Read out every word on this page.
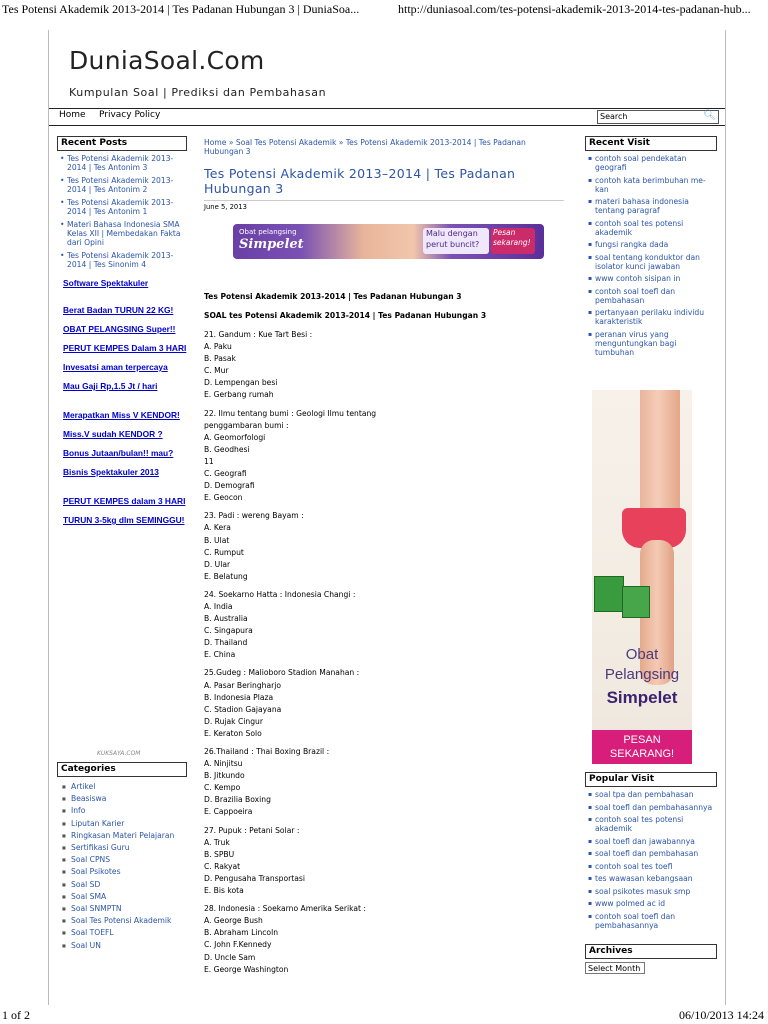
Tes Potensi Akademik 2013-2014 | Tes Padanan Hubungan 3 | DuniaSoa...	http://duniasoal.com/tes-potensi-akademik-2013-2014-tes-padanan-hub...
DuniaSoal.Com
Kumpulan Soal | Prediksi dan Pembahasan
Home Privacy Policy	Search	🔍︎
Recent Posts
• Tes Potensi Akademik 2013-2014 | Tes Antonim 3
• Tes Potensi Akademik 2013-2014 | Tes Antonim 2
• Tes Potensi Akademik 2013-2014 | Tes Antonim 1
• Materi Bahasa Indonesia SMA Kelas XII | Membedakan Fakta dari Opini
• Tes Potensi Akademik 2013-2014 | Tes Sinonim 4
Software Spektakuler
Berat Badan TURUN 22 KG!
OBAT PELANGSING Super!!
PERUT KEMPES Dalam 3 HARI
Invesatsi aman terpercaya
Mau Gaji Rp,1.5 Jt / hari
Merapatkan Miss V KENDOR!
Miss.V sudah KENDOR ?
Bonus Jutaan/bulan!! mau?
Bisnis Spektakuler 2013
PERUT KEMPES dalam 3 HARI
TURUN 3-5kg dlm SEMINGGU!
KUKSAYA.COM
Categories
■ Artikel
■ Beasiswa
■ Info
■ Liputan Karier
■ Ringkasan Materi Pelajaran
■ Sertifikasi Guru
■ Soal CPNS
■ Soal Psikotes
■ Soal SD
■ Soal SMA
■ Soal SNMPTN
■ Soal Tes Potensi Akademik
■ Soal TOEFL
■ Soal UN
Home » Soal Tes Potensi Akademik » Tes Potensi Akademik 2013-2014 | Tes Padanan Hubungan 3
Tes Potensi Akademik 2013–2014 | Tes Padanan Hubungan 3
June 5, 2013
Obat pelangsing
Simpelet
Malu dengan perut buncit?
Pesan sekarang!
Tes Potensi Akademik 2013-2014 | Tes Padanan Hubungan 3
SOAL tes Potensi Akademik 2013-2014 | Tes Padanan Hubungan 3
21. Gandum : Kue Tart Besi :
A. Paku
B. Pasak
C. Mur
D. Lempengan besi
E. Gerbang rumah
22. Ilmu tentang bumi : Geologi Ilmu tentang penggambaran bumi :
A. Geomorfologi
B. Geodhesi
11
C. Geografi
D. Demografi
E. Geocon
23. Padi : wereng Bayam :
A. Kera
B. Ulat
C. Rumput
D. Ular
E. Belatung
24. Soekarno Hatta : Indonesia Changi :
A. India
B. Australia
C. Singapura
D. Thailand
E. China
25.Gudeg : Malioboro Stadion Manahan :
A. Pasar Beringharjo
B. Indonesia Plaza
C. Stadion Gajayana
D. Rujak Cingur
E. Keraton Solo
26.Thailand : Thai Boxing Brazil :
A. Ninjitsu
B. Jitkundo
C. Kempo
D. Brazilia Boxing
E. Cappoeira
27. Pupuk : Petani Solar :
A. Truk
B. SPBU
C. Rakyat
D. Pengusaha Transportasi
E. Bis kota
28. Indonesia : Soekarno Amerika Serikat :
A. George Bush
B. Abraham Lincoln
C. John F.Kennedy
D. Uncle Sam
E. George Washington
Recent Visit
▪ contoh soal pendekatan geografi
▪ contoh kata berimbuhan me-kan
▪ materi bahasa indonesia tentang paragraf
▪ contoh soal tes potensi akademik
▪ fungsi rangka dada
▪ soal tentang konduktor dan isolator kunci jawaban
▪ www contoh sisipan in
▪ contoh soal toefl dan pembahasan
▪ pertanyaan perilaku individu karakteristik
▪ peranan virus yang menguntungkan bagi tumbuhan
Obat
Pelangsing
Simpelet
PESAN
SEKARANG!
Popular Visit
▪ soal tpa dan pembahasan
▪ soal toefl dan pembahasannya
▪ contoh soal tes potensi akademik
▪ soal toefl dan jawabannya
▪ soal toefl dan pembahasan
▪ contoh soal tes toefl
▪ tes wawasan kebangsaan
▪ soal psikotes masuk smp
▪ www polmed ac id
▪ contoh soal toefl dan pembahasannya
Archives
Select Month
1 of 2	06/10/2013 14:24
